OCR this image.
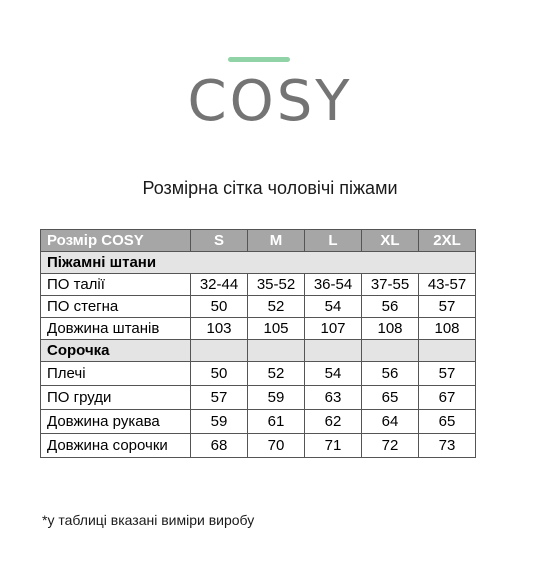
COSY
Розмірна сітка чоловічі піжами
Розмір COSY	S	M	L	XL	2XL
Піжамні штани					
ПО талії	32-44	35-52	36-54	37-55	43-57
ПО стегна	50	52	54	56	57
Довжина штанів	103	105	107	108	108
Сорочка					
Плечі	50	52	54	56	57
ПО груди	57	59	63	65	67
Довжина рукава	59	61	62	64	65
Довжина сорочки	68	70	71	72	73
*у таблиці вказані виміри виробу
